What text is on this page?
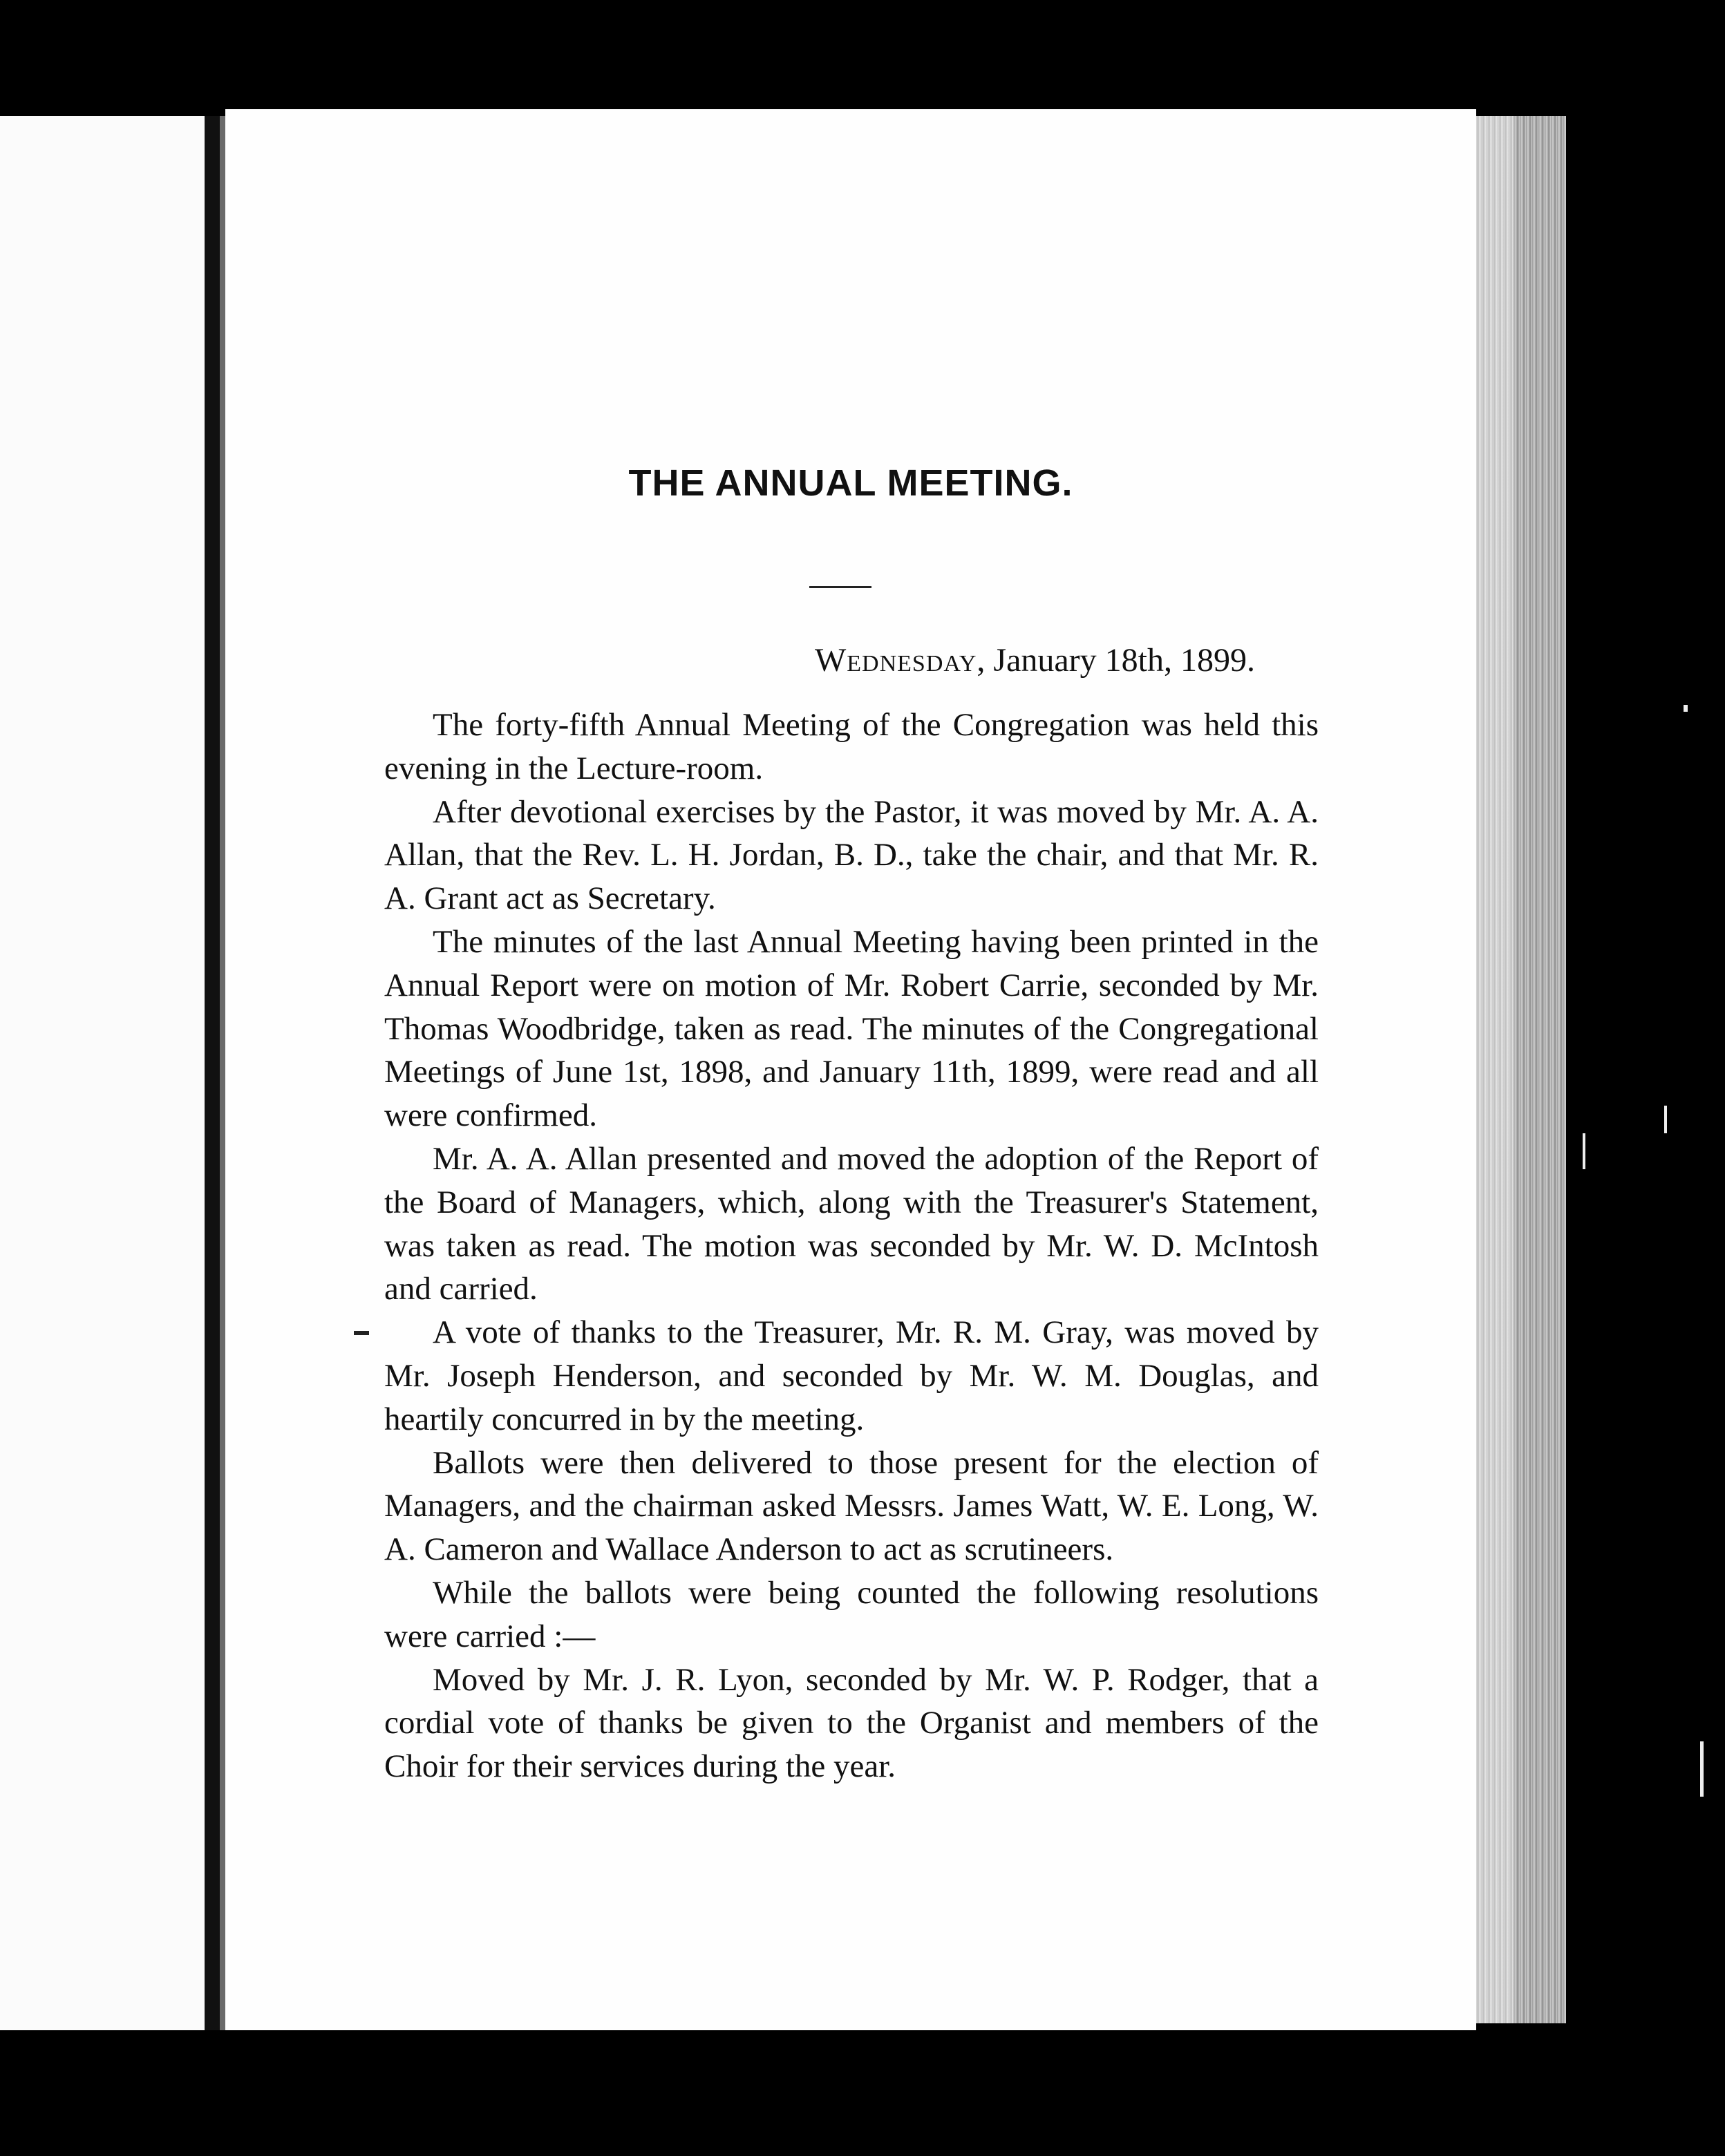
THE ANNUAL MEETING.
Wednesday, January 18th, 1899.

The forty-fifth Annual Meeting of the Congregation was held this evening in the Lecture-room.

After devotional exercises by the Pastor, it was moved by Mr. A. A. Allan, that the Rev. L. H. Jordan, B. D., take the chair, and that Mr. R. A. Grant act as Secretary.

The minutes of the last Annual Meeting having been printed in the Annual Report were on motion of Mr. Robert Carrie, seconded by Mr. Thomas Woodbridge, taken as read. The minutes of the Congregational Meetings of June 1st, 1898, and January 11th, 1899, were read and all were confirmed.

Mr. A. A. Allan presented and moved the adoption of the Report of the Board of Managers, which, along with the Treasurer's Statement, was taken as read. The motion was seconded by Mr. W. D. McIntosh and carried.

A vote of thanks to the Treasurer, Mr. R. M. Gray, was moved by Mr. Joseph Henderson, and seconded by Mr. W. M. Douglas, and heartily concurred in by the meeting.

Ballots were then delivered to those present for the election of Managers, and the chairman asked Messrs. James Watt, W. E. Long, W. A. Cameron and Wallace Anderson to act as scrutineers.

While the ballots were being counted the following resolutions were carried :—

Moved by Mr. J. R. Lyon, seconded by Mr. W. P. Rodger, that a cordial vote of thanks be given to the Organist and members of the Choir for their services during the year.
